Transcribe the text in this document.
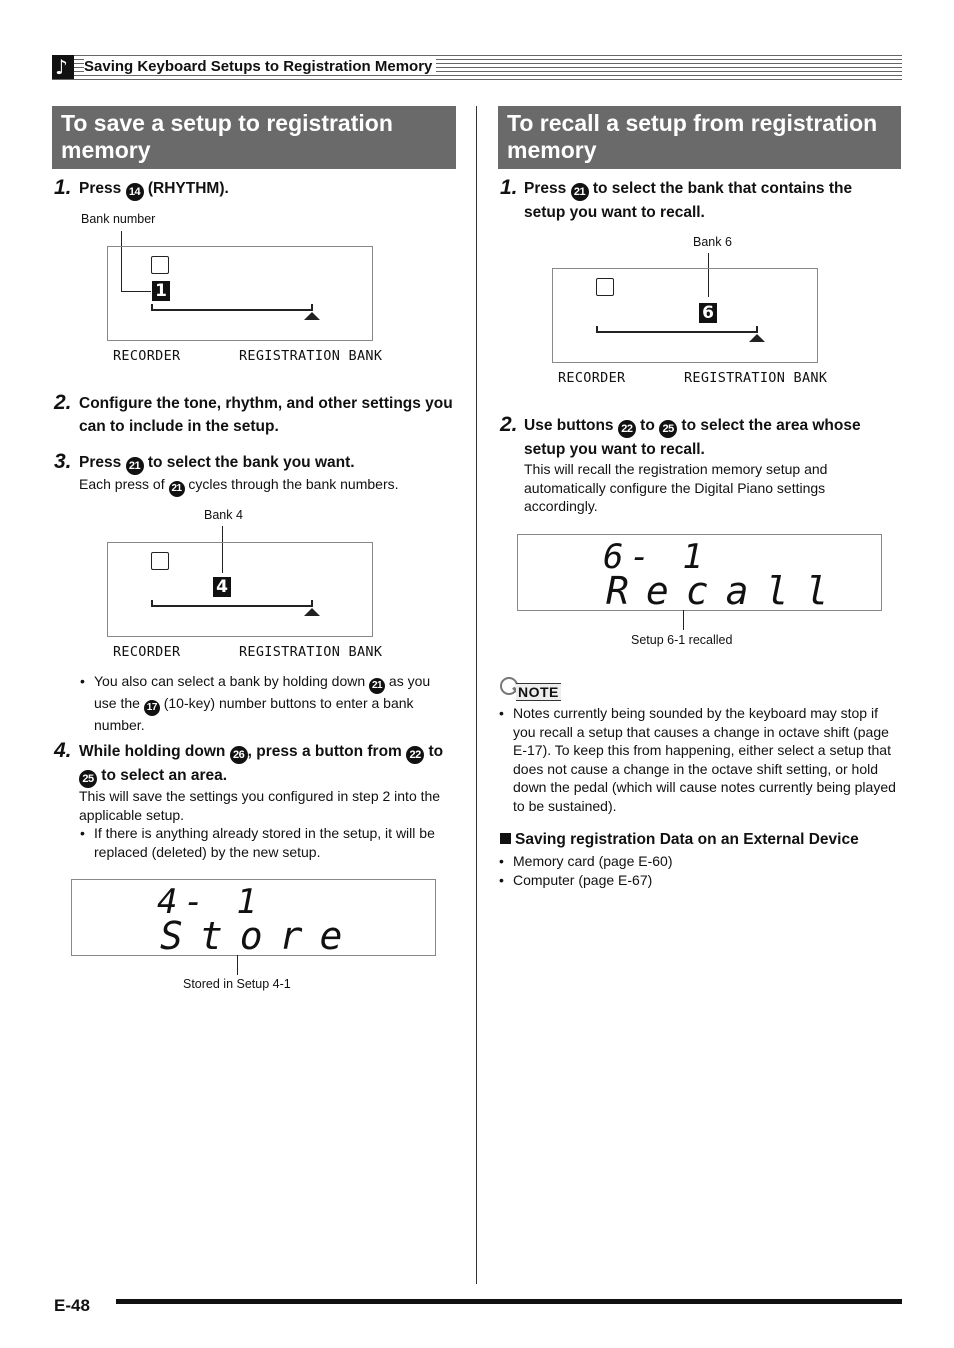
♪ Saving Keyboard Setups to Registration Memory
To save a setup to registration memory
1. Press 14 (RHYTHM).
Bank number
1
RECORDER	REGISTRATION BANK
2. Configure the tone, rhythm, and other settings you can to include in the setup.
3. Press 21 to select the bank you want.
Each press of 21 cycles through the bank numbers.
Bank 4
4
RECORDER	REGISTRATION BANK
• You also can select a bank by holding down 21 as you use the 17 (10-key) number buttons to enter a bank number.
4. While holding down 26 , press a button from 22 to 25 to select an area.
This will save the settings you configured in step 2 into the applicable setup.
• If there is anything already stored in the setup, it will be replaced (deleted) by the new setup.
4- 1
Store
Stored in Setup 4-1
To recall a setup from registration memory
1. Press 21 to select the bank that contains the setup you want to recall.
Bank 6
6
RECORDER	REGISTRATION BANK
2. Use buttons 22 to 25 to select the area whose setup you want to recall.
This will recall the registration memory setup and automatically configure the Digital Piano settings accordingly.
6- 1
Recall
Setup 6-1 recalled
NOTE
• Notes currently being sounded by the keyboard may stop if you recall a setup that causes a change in octave shift (page E-17). To keep this from happening, either select a setup that does not cause a change in the octave shift setting, or hold down the pedal (which will cause notes currently being played to be sustained).
Saving registration Data on an External Device
• Memory card (page E-60)
• Computer (page E-67)
E-48
